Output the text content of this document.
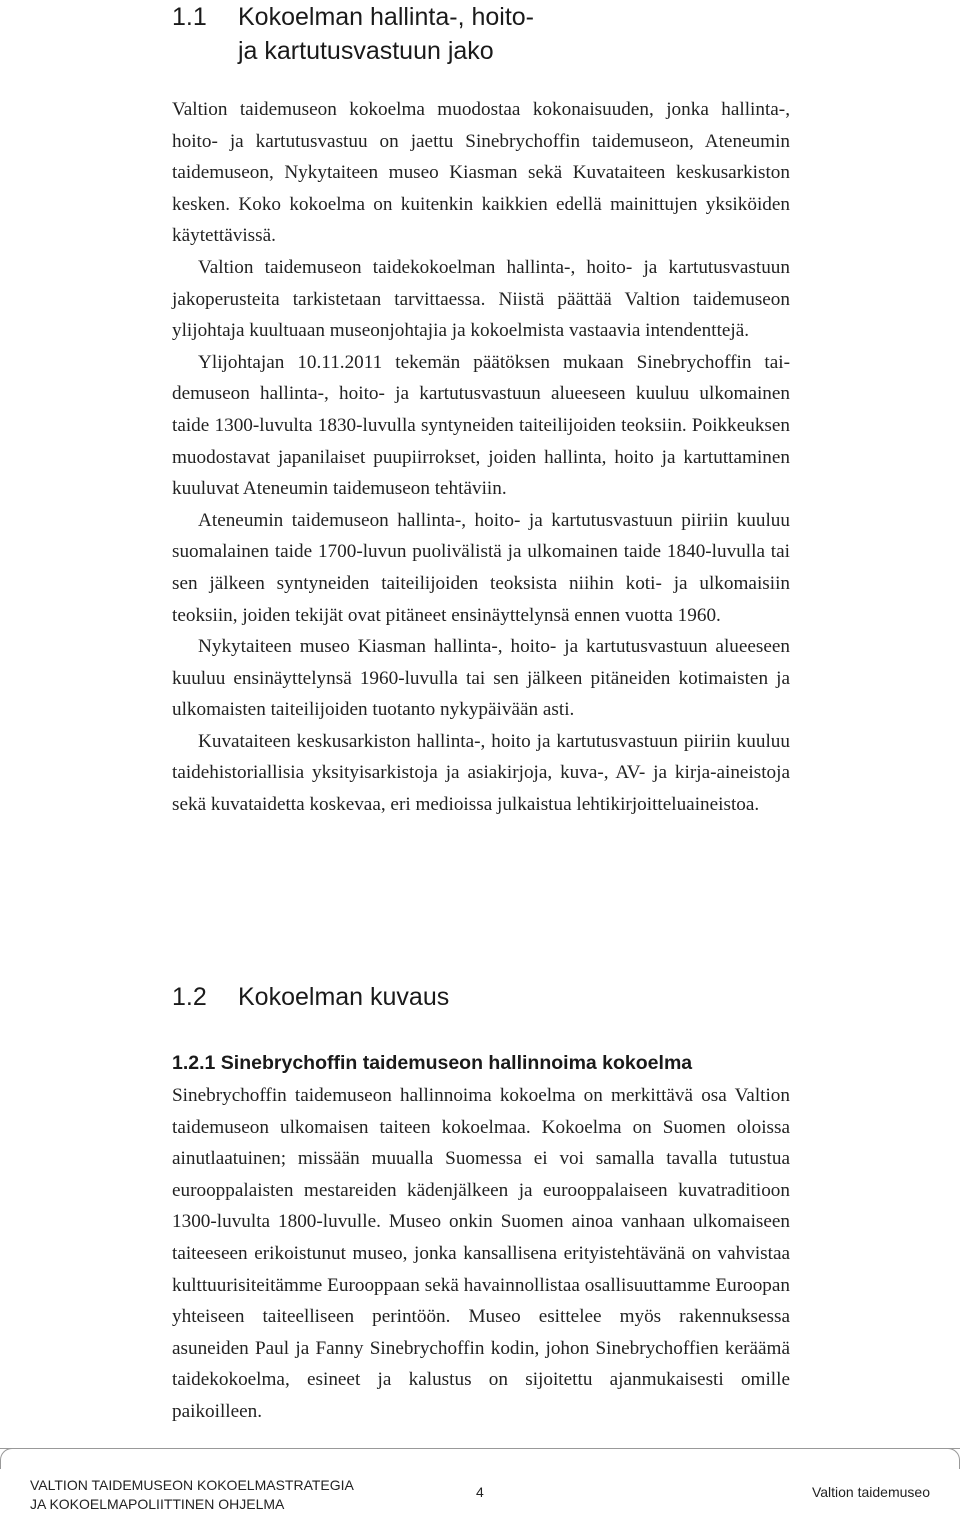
1.1 Kokoelman hallinta-, hoito-
ja kartutusvastuun jako

Valtion taidemuseon kokoelma muodostaa kokonaisuuden, jonka hallinta-, hoito- ja kartutusvastuu on jaettu Sinebrychoffin taidemuseon, Ateneumin taidemuseon, Nykytaiteen museo Kiasman sekä Kuvataiteen keskusarkiston kesken. Koko kokoelma on kuitenkin kaikkien edellä mainittujen yksiköiden käytettävissä.

Valtion taidemuseon taidekokoelman hallinta-, hoito- ja kartutusvastuun jakoperusteita tarkistetaan tarvittaessa. Niistä päättää Valtion taidemuseon ylijohtaja kuultuaan museonjohtajia ja kokoelmista vastaavia intendenttejä.

Ylijohtajan 10.11.2011 tekemän päätöksen mukaan Sinebrychoffin taidemuseon hallinta-, hoito- ja kartutusvastuun alueeseen kuuluu ulkomainen taide 1300-luvulta 1830-luvulla syntyneiden taiteilijoiden teoksiin. Poikkeuksen muodostavat japanilaiset puupiirrokset, joiden hallinta, hoito ja kartuttaminen kuuluvat Ateneumin taidemuseon tehtäviin.

Ateneumin taidemuseon hallinta-, hoito- ja kartutusvastuun piiriin kuuluu suomalainen taide 1700-luvun puolivälistä ja ulkomainen taide 1840-luvulla tai sen jälkeen syntyneiden taiteilijoiden teoksista niihin koti- ja ulkomaisiin teoksiin, joiden tekijät ovat pitäneet ensinäyttelynsä ennen vuotta 1960.

Nykytaiteen museo Kiasman hallinta-, hoito- ja kartutusvastuun alueeseen kuuluu ensinäyttelynsä 1960-luvulla tai sen jälkeen pitäneiden kotimaisten ja ulkomaisten taiteilijoiden tuotanto nykypäivään asti.

Kuvataiteen keskusarkiston hallinta-, hoito ja kartutusvastuun piiriin kuuluu taidehistoriallisia yksityisarkistoja ja asiakirjoja, kuva-, AV- ja kirja-aineistoja sekä kuvataidetta koskevaa, eri medioissa julkaistua lehtikirjoitteluaineistoa.

1.2 Kokoelman kuvaus
1.2.1 Sinebrychoffin taidemuseon hallinnoima kokoelma

Sinebrychoffin taidemuseon hallinnoima kokoelma on merkittävä osa Valtion taidemuseon ulkomaisen taiteen kokoelmaa. Kokoelma on Suomen oloissa ainutlaatuinen; missään muualla Suomessa ei voi samalla tavalla tutustua eurooppalaisten mestareiden kädenjälkeen ja eurooppalaiseen kuvatraditioon 1300-luvulta 1800-luvulle. Museo onkin Suomen ainoa vanhaan ulkomaiseen taiteeseen erikoistunut museo, jonka kansallisena erityistehtävänä on vahvistaa kulttuurisiteitämme Eurooppaan sekä havainnollistaa osallisuuttamme Euroopan yhteiseen taiteelliseen perintöön. Museo esittelee myös rakennuksessa asuneiden Paul ja Fanny Sinebrychoffin kodin, johon Sinebrychoffien keräämä taidekokoelma, esineet ja kalustus on sijoitettu ajanmukaisesti omille paikoilleen.

VALTION TAIDEMUSEON KOKOELMASTRATEGIA
JA KOKOELMAPOLIITTINEN OHJELMA
4	Valtion taidemuseo
